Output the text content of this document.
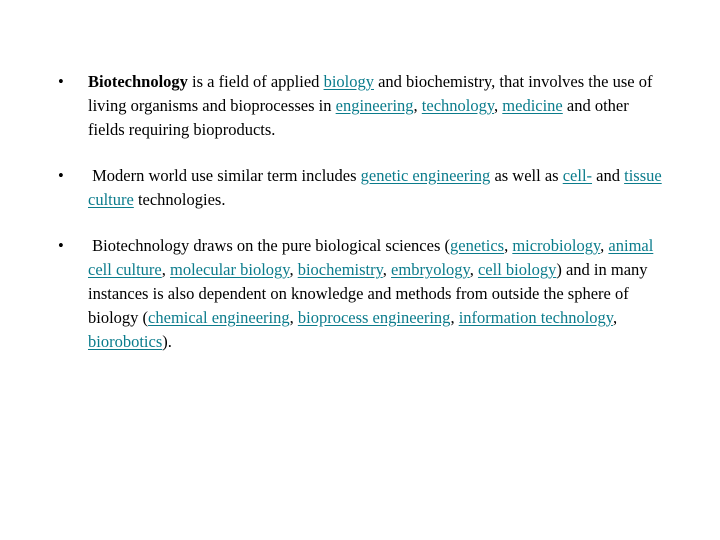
•	Biotechnology is a field of applied biology and biochemistry, that involves the use of living organisms and bioprocesses in engineering, technology, medicine and other fields requiring bioproducts.
•	Modern world use similar term includes genetic engineering as well as cell- and tissue culture technologies.
•	Biotechnology draws on the pure biological sciences (genetics, microbiology, animal cell culture, molecular biology, biochemistry, embryology, cell biology) and in many instances is also dependent on knowledge and methods from outside the sphere of biology (chemical engineering, bioprocess engineering, information technology, biorobotics).
